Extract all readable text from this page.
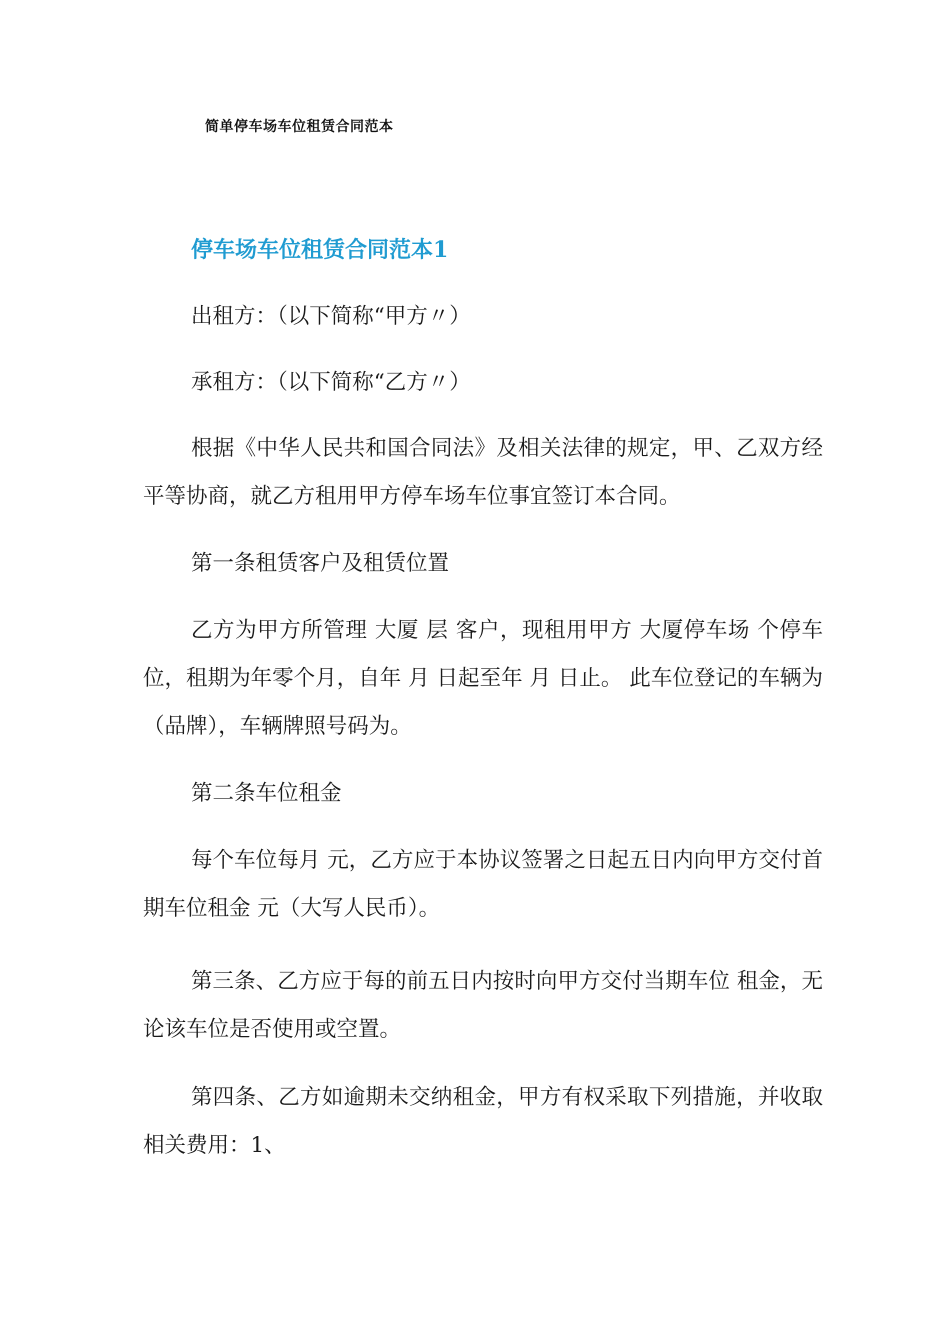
简单停车场车位租赁合同范本
停车场车位租赁合同范本1

出租方：（以下简称“甲方〃）

承租方：（以下简称“乙方〃）

根据《中华人民共和国合同法》及相关法律的规定，甲、乙双方经平等协商，就乙方租用甲方停车场车位事宜签订本合同。

第一条租赁客户及租赁位置

乙方为甲方所管理 大厦 层 客户，现租用甲方 大厦停车场 个停车位，租期为年零个月，自年 月 日起至年 月 日止。 此车位登记的车辆为（品牌），车辆牌照号码为。

第二条车位租金

每个车位每月 元，乙方应于本协议签署之日起五日内向甲方交付首期车位租金 元（大写人民币）。

第三条、乙方应于每的前五日内按时向甲方交付当期车位 租金，无论该车位是否使用或空置。

第四条、乙方如逾期未交纳租金，甲方有权采取下列措施，并收取相关费用：1、
